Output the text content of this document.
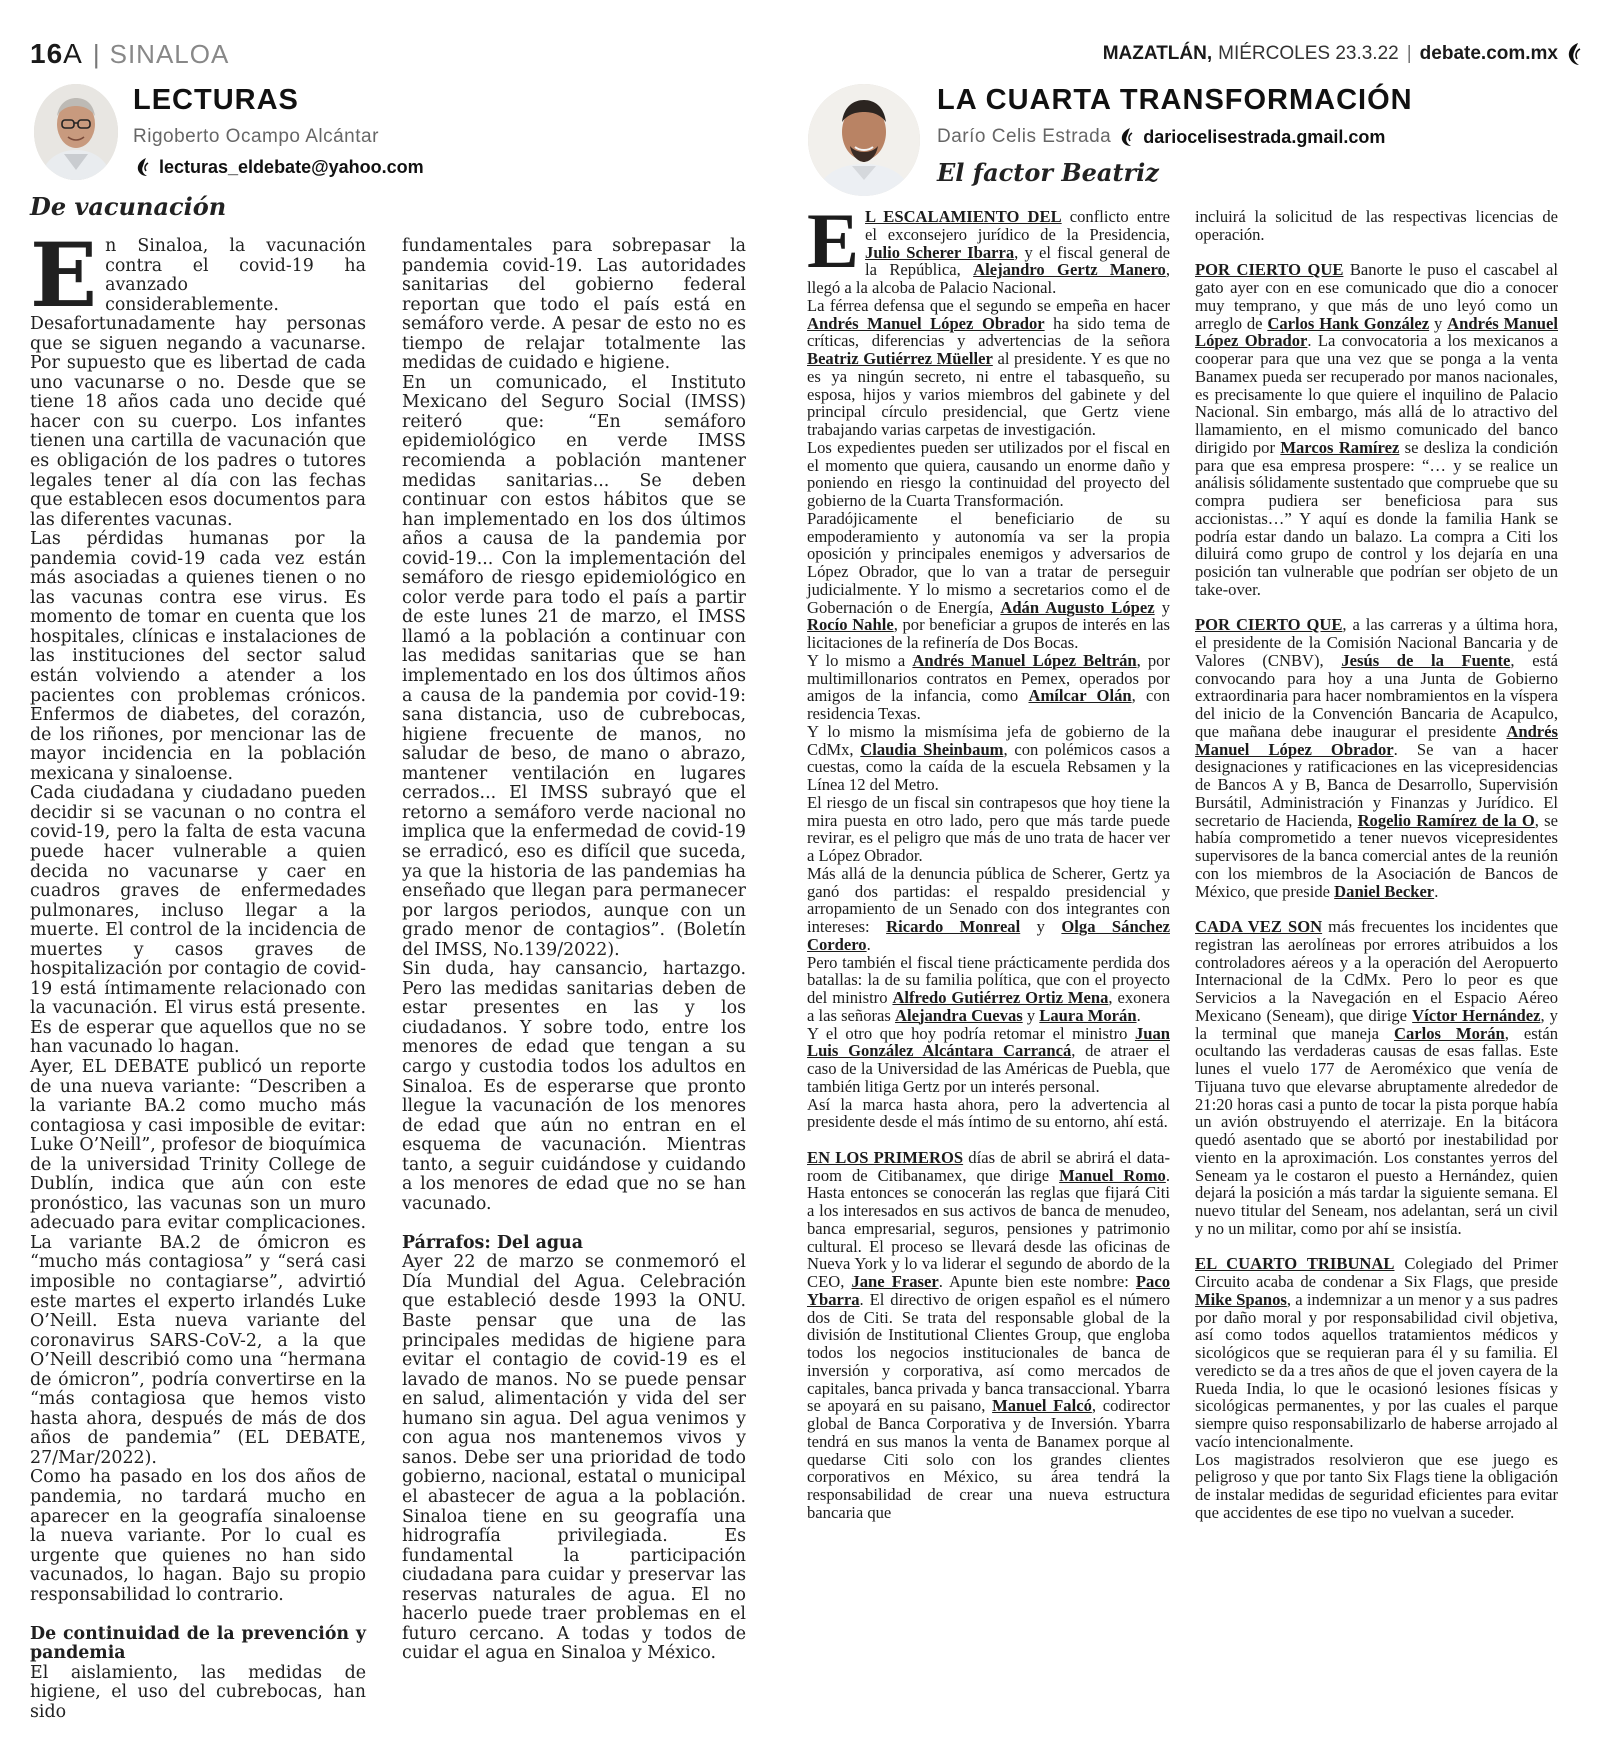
16A | SINALOA	MAZATLÁN, MIÉRCOLES 23.3.22 | debate.com.mx
LECTURAS
Rigoberto Ocampo Alcántar
lecturas_eldebate@yahoo.com
De vacunación
E n Sinaloa, la vacunación contra el covid-19 ha avanzado considerablemente.

Desafortunadamente hay personas que se siguen negando a vacunarse. Por supuesto que es libertad de cada uno vacunarse o no. Desde que se tiene 18 años cada uno decide qué hacer con su cuerpo. Los infantes tienen una cartilla de vacunación que es obligación de los padres o tutores legales tener al día con las fechas que establecen esos documentos para las diferentes vacunas.

Las pérdidas humanas por la pandemia covid-19 cada vez están más asociadas a quienes tienen o no las vacunas contra ese virus. Es momento de tomar en cuenta que los hospitales, clínicas e instalaciones de las instituciones del sector salud están volviendo a atender a los pacientes con problemas crónicos. Enfermos de diabetes, del corazón, de los riñones, por mencionar las de mayor incidencia en la población mexicana y sinaloense.

Cada ciudadana y ciudadano pueden decidir si se vacunan o no contra el covid-19, pero la falta de esta vacuna puede hacer vulnerable a quien decida no vacunarse y caer en cuadros graves de enfermedades pulmonares, incluso llegar a la muerte. El control de la incidencia de muertes y casos graves de hospitalización por contagio de covid-19 está íntimamente relacionado con la vacunación. El virus está presente. Es de esperar que aquellos que no se han vacunado lo hagan.

Ayer, EL DEBATE publicó un reporte de una nueva variante: “Describen a la variante BA.2 como mucho más contagiosa y casi imposible de evitar: Luke O’Neill”, profesor de bioquímica de la universidad Trinity College de Dublín, indica que aún con este pronóstico, las vacunas son un muro adecuado para evitar complicaciones. La variante BA.2 de ómicron es “mucho más contagiosa” y “será casi imposible no contagiarse”, advirtió este martes el experto irlandés Luke O’Neill. Esta nueva variante del coronavirus SARS-CoV-2, a la que O’Neill describió como una “hermana de ómicron”, podría convertirse en la “más contagiosa que hemos visto hasta ahora, después de más de dos años de pandemia” (EL DEBATE, 27/Mar/2022).

Como ha pasado en los dos años de pandemia, no tardará mucho en aparecer en la geografía sinaloense la nueva variante. Por lo cual es urgente que quienes no han sido vacunados, lo hagan. Bajo su propio responsabilidad lo contrario.

De continuidad de la prevención y pandemia

El aislamiento, las medidas de higiene, el uso del cubrebocas, han sido

fundamentales para sobrepasar la pandemia covid-19. Las autoridades sanitarias del gobierno federal reportan que todo el país está en semáforo verde. A pesar de esto no es tiempo de relajar totalmente las medidas de cuidado e higiene.

En un comunicado, el Instituto Mexicano del Seguro Social (IMSS) reiteró que: “En semáforo epidemiológico en verde IMSS recomienda a población mantener medidas sanitarias... Se deben continuar con estos hábitos que se han implementado en los dos últimos años a causa de la pandemia por covid-19... Con la implementación del semáforo de riesgo epidemiológico en color verde para todo el país a partir de este lunes 21 de marzo, el IMSS llamó a la población a continuar con las medidas sanitarias que se han implementado en los dos últimos años a causa de la pandemia por covid-19: sana distancia, uso de cubrebocas, higiene frecuente de manos, no saludar de beso, de mano o abrazo, mantener ventilación en lugares cerrados... El IMSS subrayó que el retorno a semáforo verde nacional no implica que la enfermedad de covid-19 se erradicó, eso es difícil que suceda, ya que la historia de las pandemias ha enseñado que llegan para permanecer por largos periodos, aunque con un grado menor de contagios”. (Boletín del IMSS, No.139/2022).

Sin duda, hay cansancio, hartazgo. Pero las medidas sanitarias deben de estar presentes en las y los ciudadanos. Y sobre todo, entre los menores de edad que tengan a su cargo y custodia todos los adultos en Sinaloa. Es de esperarse que pronto llegue la vacunación de los menores de edad que aún no entran en el esquema de vacunación. Mientras tanto, a seguir cuidándose y cuidando a los menores de edad que no se han vacunado.

Párrafos: Del agua

Ayer 22 de marzo se conmemoró el Día Mundial del Agua. Celebración que estableció desde 1993 la ONU. Baste pensar que una de las principales medidas de higiene para evitar el contagio de covid-19 es el lavado de manos. No se puede pensar en salud, alimentación y vida del ser humano sin agua. Del agua venimos y con agua nos mantenemos vivos y sanos. Debe ser una prioridad de todo gobierno, nacional, estatal o municipal el abastecer de agua a la población. Sinaloa tiene en su geografía una hidrografía privilegiada. Es fundamental la participación ciudadana para cuidar y preservar las reservas naturales de agua. El no hacerlo puede traer problemas en el futuro cercano. A todas y todos de cuidar el agua en Sinaloa y México.

LA CUARTA TRANSFORMACIÓN
Darío Celis Estrada dariocelisestrada.gmail.com
El factor Beatriz
E L ESCALAMIENTO DEL conflicto entre el exconsejero jurídico de la Presidencia, Julio Scherer Ibarra, y el fiscal general de la República, Alejandro Gertz Manero, llegó a la alcoba de Palacio Nacional.

La férrea defensa que el segundo se empeña en hacer Andrés Manuel López Obrador ha sido tema de críticas, diferencias y advertencias de la señora Beatriz Gutiérrez Müeller al presidente. Y es que no es ya ningún secreto, ni entre el tabasqueño, su esposa, hijos y varios miembros del gabinete y del principal círculo presidencial, que Gertz viene trabajando varias carpetas de investigación.

Los expedientes pueden ser utilizados por el fiscal en el momento que quiera, causando un enorme daño y poniendo en riesgo la continuidad del proyecto del gobierno de la Cuarta Transformación.

Paradójicamente el beneficiario de su empoderamiento y autonomía va ser la propia oposición y principales enemigos y adversarios de López Obrador, que lo van a tratar de perseguir judicialmente. Y lo mismo a secretarios como el de Gobernación o de Energía, Adán Augusto López y Rocío Nahle, por beneficiar a grupos de interés en las licitaciones de la refinería de Dos Bocas.

Y lo mismo a Andrés Manuel López Beltrán, por multimillonarios contratos en Pemex, operados por amigos de la infancia, como Amílcar Olán, con residencia Texas.

Y lo mismo la mismísima jefa de gobierno de la CdMx, Claudia Sheinbaum, con polémicos casos a cuestas, como la caída de la escuela Rebsamen y la Línea 12 del Metro.

El riesgo de un fiscal sin contrapesos que hoy tiene la mira puesta en otro lado, pero que más tarde puede revirar, es el peligro que más de uno trata de hacer ver a López Obrador.

Más allá de la denuncia pública de Scherer, Gertz ya ganó dos partidas: el respaldo presidencial y arropamiento de un Senado con dos integrantes con intereses: Ricardo Monreal y Olga Sánchez Cordero.

Pero también el fiscal tiene prácticamente perdida dos batallas: la de su familia política, que con el proyecto del ministro Alfredo Gutiérrez Ortiz Mena, exonera a las señoras Alejandra Cuevas y Laura Morán.

Y el otro que hoy podría retomar el ministro Juan Luis González Alcántara Carrancá, de atraer el caso de la Universidad de las Américas de Puebla, que también litiga Gertz por un interés personal.

Así la marca hasta ahora, pero la advertencia al presidente desde el más íntimo de su entorno, ahí está.

EN LOS PRIMEROS días de abril se abrirá el data-room de Citibanamex, que dirige Manuel Romo. Hasta entonces se conocerán las reglas que fijará Citi a los interesados en sus activos de banca de menudeo, banca empresarial, seguros, pensiones y patrimonio cultural. El proceso se llevará desde las oficinas de Nueva York y lo va liderar el segundo de abordo de la CEO, Jane Fraser. Apunte bien este nombre: Paco Ybarra. El directivo de origen español es el número dos de Citi. Se trata del responsable global de la división de Institutional Clientes Group, que engloba todos los negocios institucionales de banca de inversión y corporativa, así como mercados de capitales, banca privada y banca transaccional. Ybarra se apoyará en su paisano, Manuel Falcó, codirector global de Banca Corporativa y de Inversión. Ybarra tendrá en sus manos la venta de Banamex porque al quedarse Citi solo con los grandes clientes corporativos en México, su área tendrá la responsabilidad de crear una nueva estructura bancaria que

incluirá la solicitud de las respectivas licencias de operación.

POR CIERTO QUE Banorte le puso el cascabel al gato ayer con en ese comunicado que dio a conocer muy temprano, y que más de uno leyó como un arreglo de Carlos Hank González y Andrés Manuel López Obrador. La convocatoria a los mexicanos a cooperar para que una vez que se ponga a la venta Banamex pueda ser recuperado por manos nacionales, es precisamente lo que quiere el inquilino de Palacio Nacional. Sin embargo, más allá de lo atractivo del llamamiento, en el mismo comunicado del banco dirigido por Marcos Ramírez se desliza la condición para que esa empresa prospere: “… y se realice un análisis sólidamente sustentado que compruebe que su compra pudiera ser beneficiosa para sus accionistas…” Y aquí es donde la familia Hank se podría estar dando un balazo. La compra a Citi los diluirá como grupo de control y los dejaría en una posición tan vulnerable que podrían ser objeto de un take-over.

POR CIERTO QUE, a las carreras y a última hora, el presidente de la Comisión Nacional Bancaria y de Valores (CNBV), Jesús de la Fuente, está convocando para hoy a una Junta de Gobierno extraordinaria para hacer nombramientos en la víspera del inicio de la Convención Bancaria de Acapulco, que mañana debe inaugurar el presidente Andrés Manuel López Obrador. Se van a hacer designaciones y ratificaciones en las vicepresidencias de Bancos A y B, Banca de Desarrollo, Supervisión Bursátil, Administración y Finanzas y Jurídico. El secretario de Hacienda, Rogelio Ramírez de la O, se había comprometido a tener nuevos vicepresidentes supervisores de la banca comercial antes de la reunión con los miembros de la Asociación de Bancos de México, que preside Daniel Becker.

CADA VEZ SON más frecuentes los incidentes que registran las aerolíneas por errores atribuidos a los controladores aéreos y a la operación del Aeropuerto Internacional de la CdMx. Pero lo peor es que Servicios a la Navegación en el Espacio Aéreo Mexicano (Seneam), que dirige Víctor Hernández, y la terminal que maneja Carlos Morán, están ocultando las verdaderas causas de esas fallas. Este lunes el vuelo 177 de Aeroméxico que venía de Tijuana tuvo que elevarse abruptamente alrededor de 21:20 horas casi a punto de tocar la pista porque había un avión obstruyendo el aterrizaje. En la bitácora quedó asentado que se abortó por inestabilidad por viento en la aproximación. Los constantes yerros del Seneam ya le costaron el puesto a Hernández, quien dejará la posición a más tardar la siguiente semana. El nuevo titular del Seneam, nos adelantan, será un civil y no un militar, como por ahí se insistía.

EL CUARTO TRIBUNAL Colegiado del Primer Circuito acaba de condenar a Six Flags, que preside Mike Spanos, a indemnizar a un menor y a sus padres por daño moral y por responsabilidad civil objetiva, así como todos aquellos tratamientos médicos y sicológicos que se requieran para él y su familia. El veredicto se da a tres años de que el joven cayera de la Rueda India, lo que le ocasionó lesiones físicas y sicológicas permanentes, y por las cuales el parque siempre quiso responsabilizarlo de haberse arrojado al vacío intencionalmente.

Los magistrados resolvieron que ese juego es peligroso y que por tanto Six Flags tiene la obligación de instalar medidas de seguridad eficientes para evitar que accidentes de ese tipo no vuelvan a suceder.
